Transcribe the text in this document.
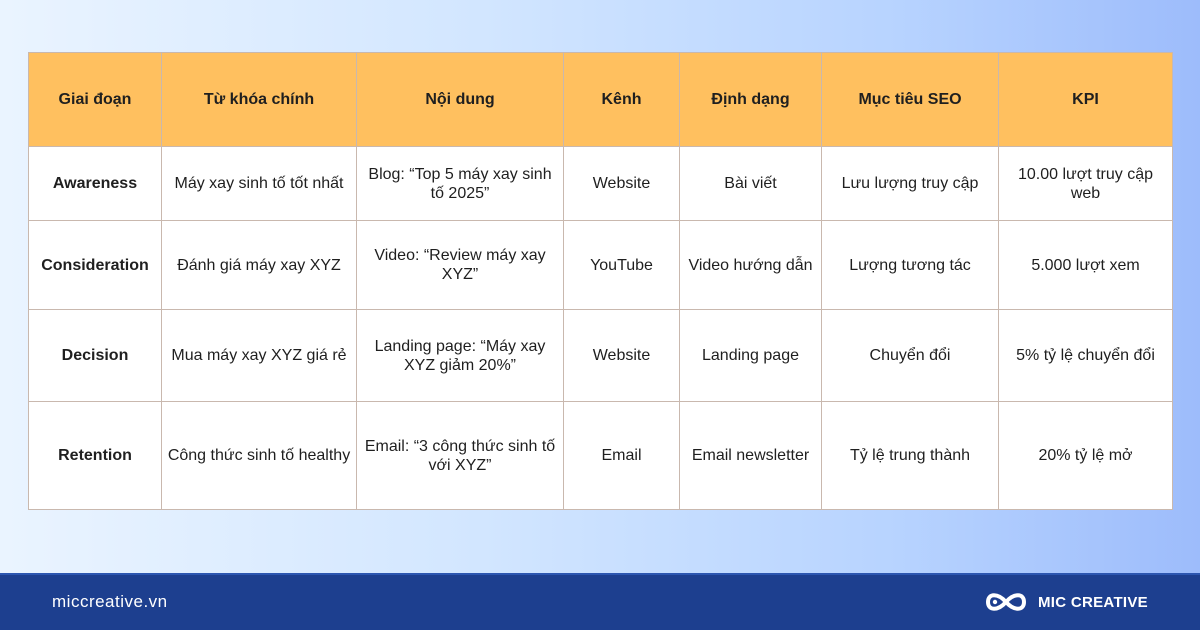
Giai đoạn	Từ khóa chính	Nội dung	Kênh	Định dạng	Mục tiêu SEO	KPI
Awareness	Máy xay sinh tố tốt nhất	Blog: “Top 5 máy xay sinh tố 2025”	Website	Bài viết	Lưu lượng truy cập	10.00 lượt truy cập web
Consideration	Đánh giá máy xay XYZ	Video: “Review máy xay XYZ”	YouTube	Video hướng dẫn	Lượng tương tác	5.000 lượt xem
Decision	Mua máy xay XYZ giá rẻ	Landing page: “Máy xay XYZ giảm 20%”	Website	Landing page	Chuyển đổi	5% tỷ lệ chuyển đổi
Retention	Công thức sinh tố healthy	Email: “3 công thức sinh tố với XYZ”	Email	Email newsletter	Tỷ lệ trung thành	20% tỷ lệ mở
miccreative.vn	MIC CREATIVE
